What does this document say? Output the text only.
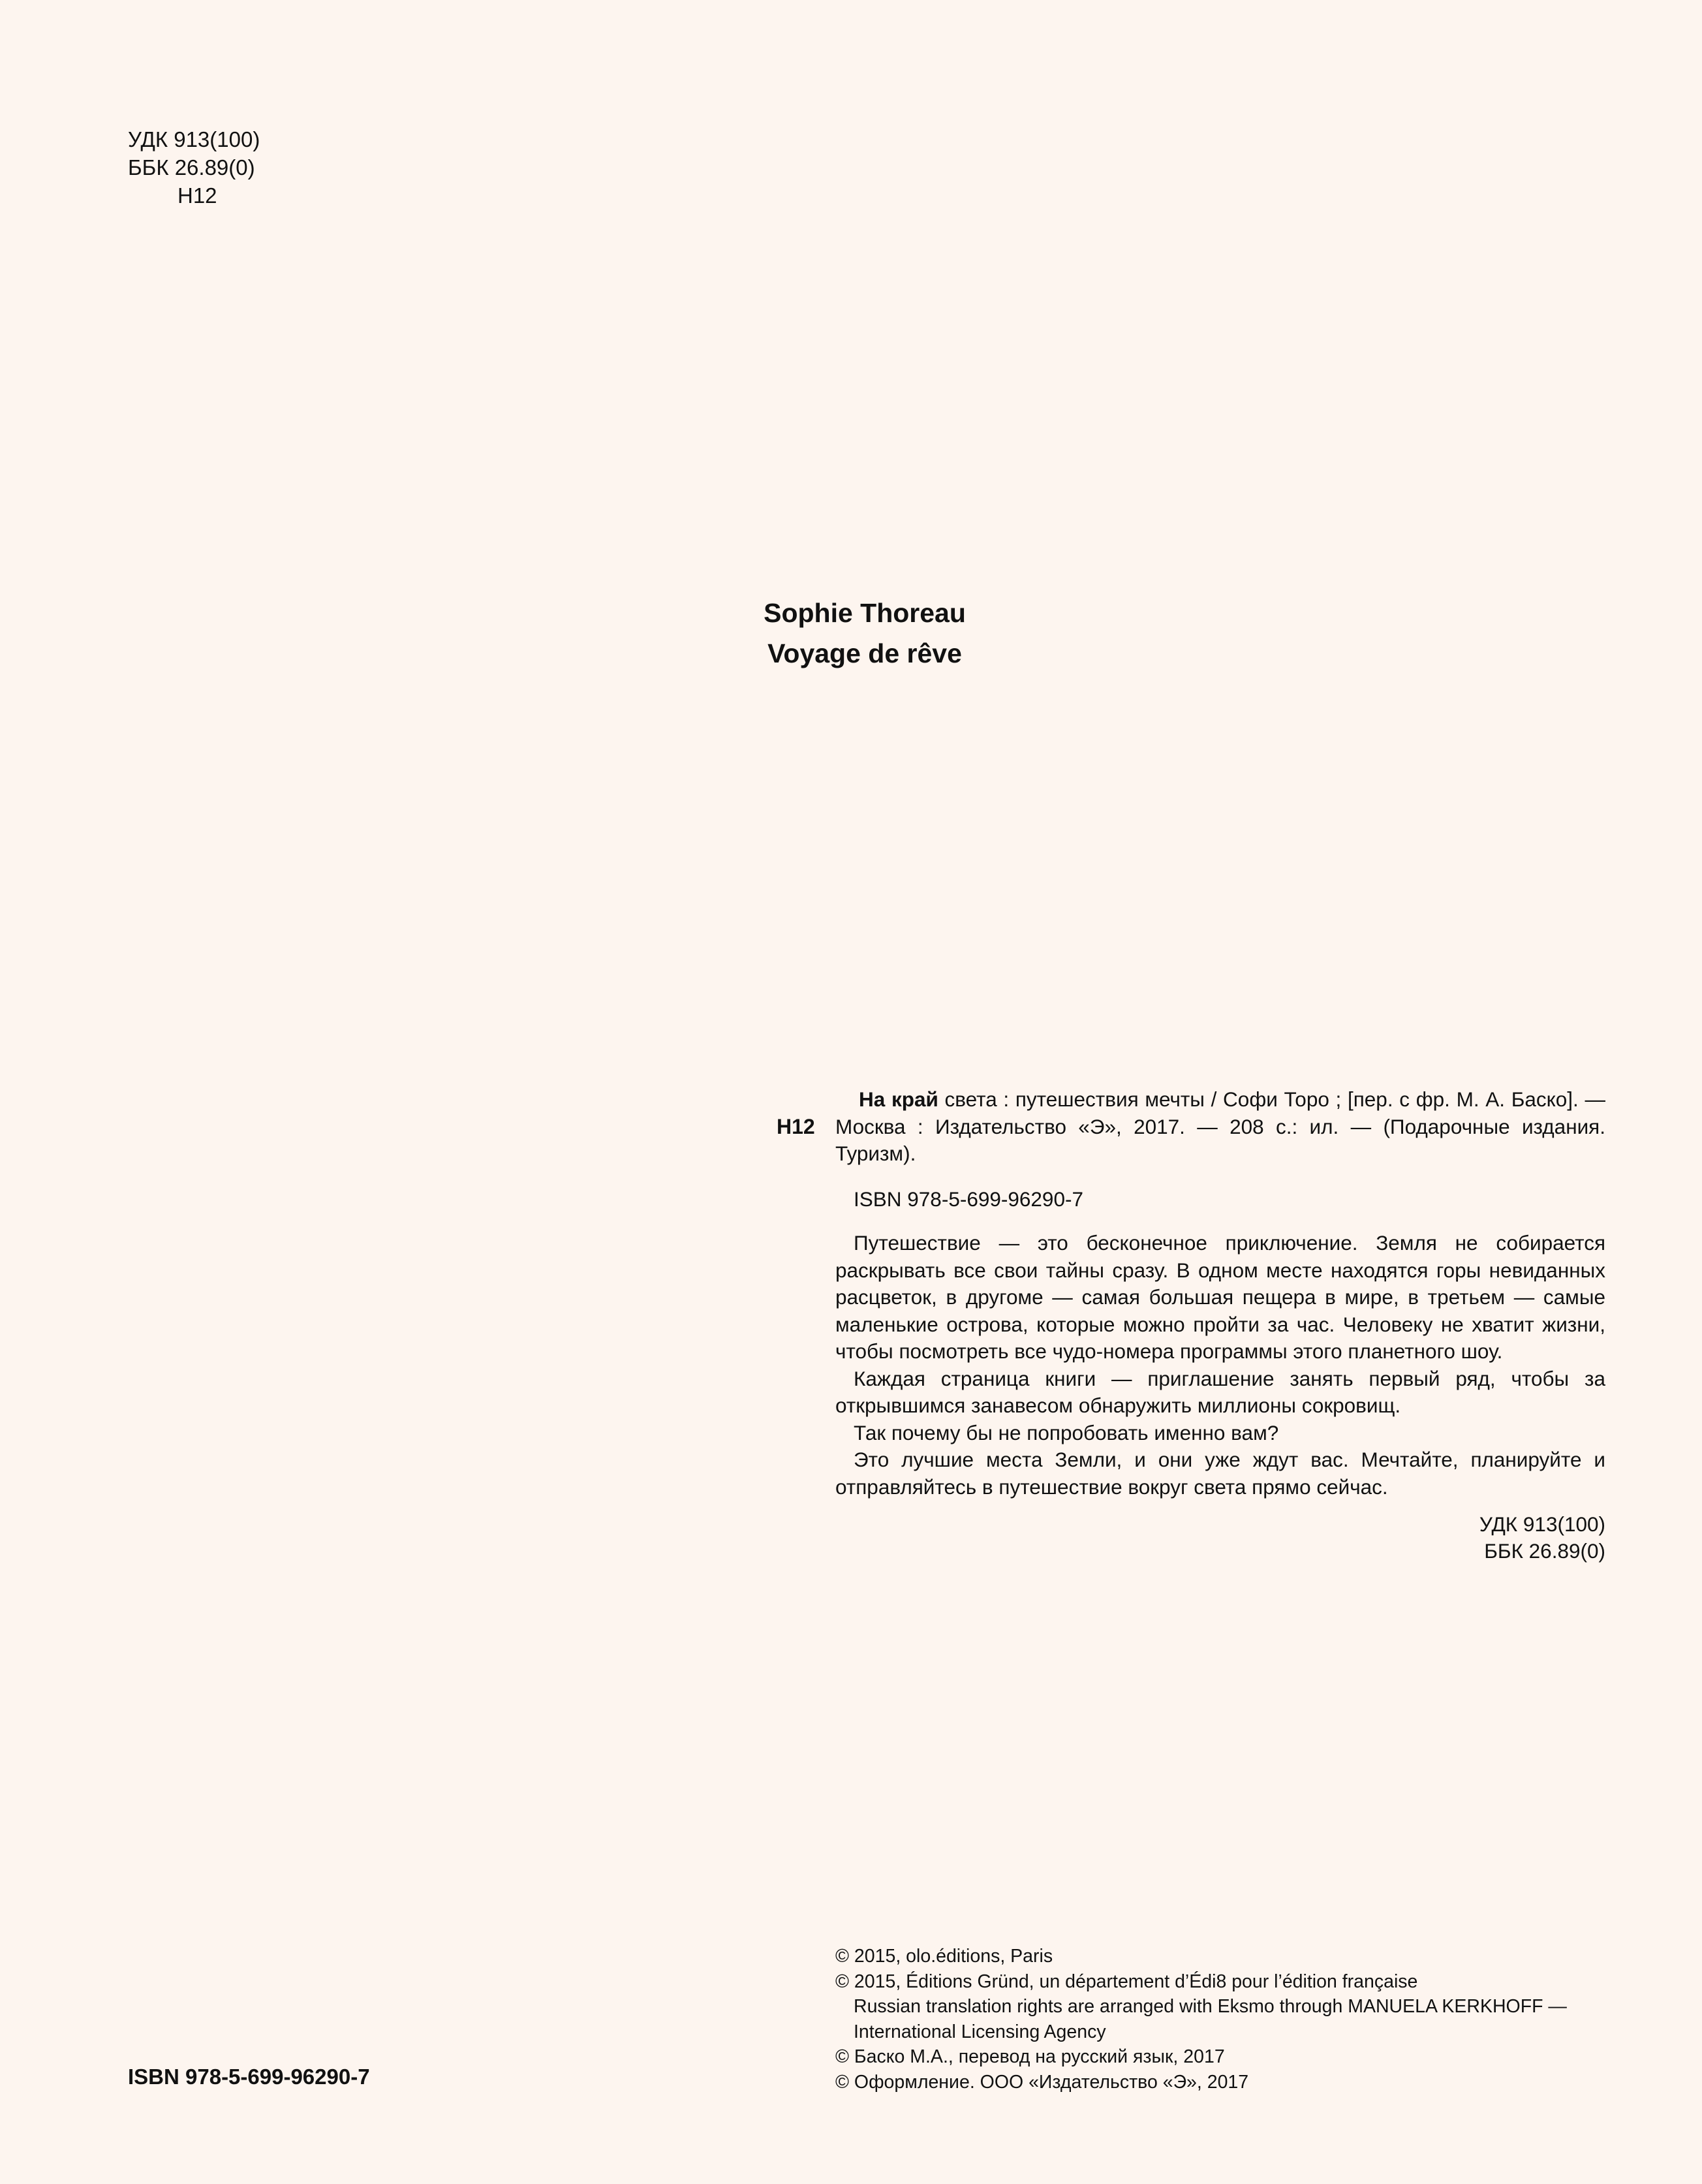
УДК 913(100)
ББК 26.89(0)
Н12
Sophie Thoreau
Voyage de rêve
Н12

На край света : путешествия мечты / Софи Торо ; [пер. с фр. М. А. Баско]. — Москва : Издательство «Э», 2017. — 208 с.: ил. — (Подарочные издания. Туризм).

ISBN 978-5-699-96290-7

Путешествие — это бесконечное приключение. Земля не собирается раскрывать все свои тайны сразу. В одном месте находятся горы невиданных расцветок, в другоме — самая большая пещера в мире, в третьем — самые маленькие острова, которые можно пройти за час. Человеку не хватит жизни, чтобы посмотреть все чудо-номера программы этого планетного шоу.

Каждая страница книги — приглашение занять первый ряд, чтобы за открывшимся занавесом обнаружить миллионы сокровищ.

Так почему бы не попробовать именно вам?

Это лучшие места Земли, и они уже ждут вас. Мечтайте, планируйте и отправляйтесь в путешествие вокруг света прямо сейчас.

УДК 913(100)
ББК 26.89(0)
ISBN 978-5-699-96290-7
© 2015, olo.éditions, Paris
© 2015, Éditions Gründ, un département d’Édi8 pour l’édition française
Russian translation rights are arranged with Eksmo through MANUELA KERKHOFF —
International Licensing Agency
© Баско М.А., перевод на русский язык, 2017
© Оформление. ООО «Издательство «Э», 2017
